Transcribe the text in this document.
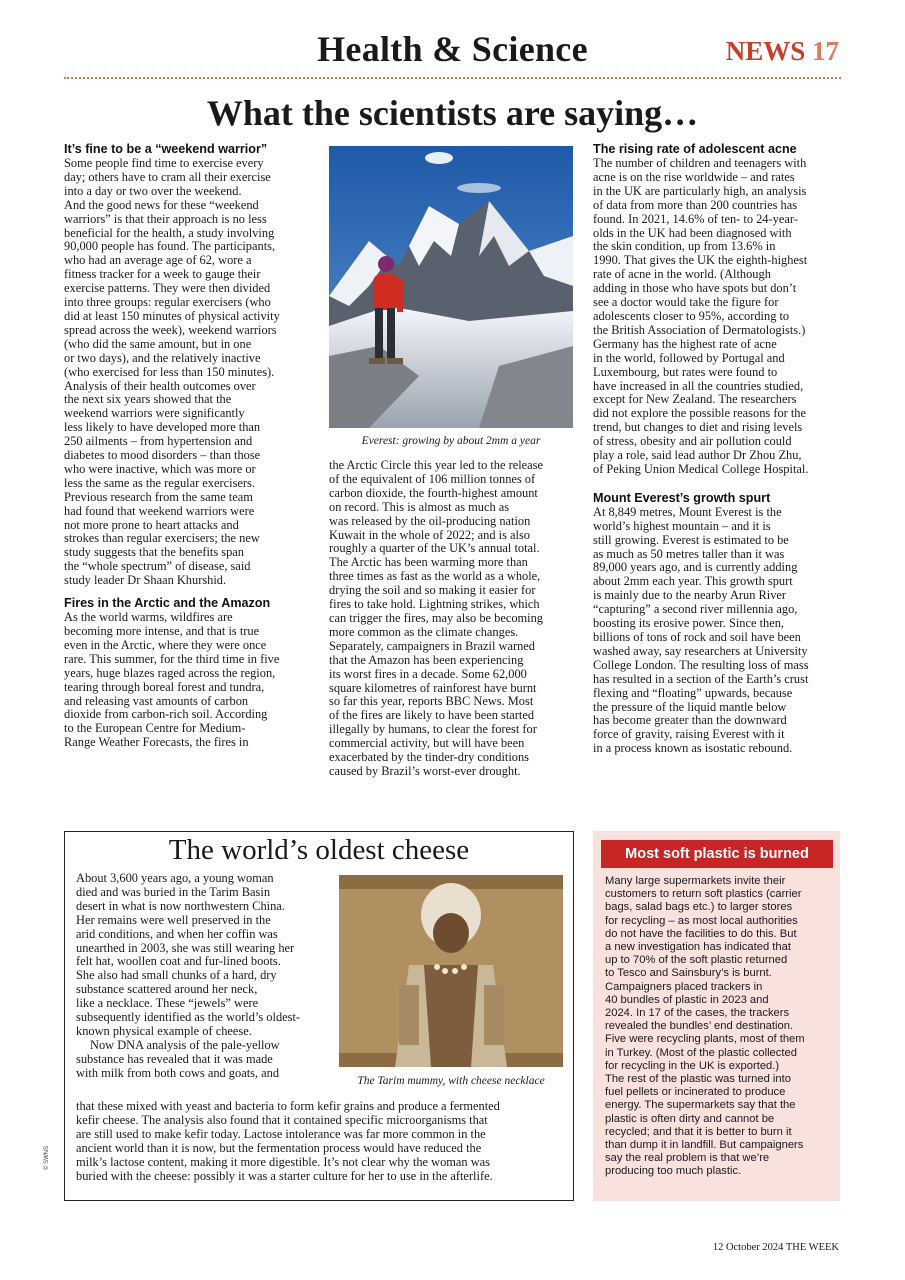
Health & Science	NEWS 17
What the scientists are saying…
It’s fine to be a “weekend warrior”
Some people find time to exercise every
day; others have to cram all their exercise
into a day or two over the weekend.
And the good news for these “weekend
warriors” is that their approach is no less
beneficial for the health, a study involving
90,000 people has found. The participants,
who had an average age of 62, wore a
fitness tracker for a week to gauge their
exercise patterns. They were then divided
into three groups: regular exercisers (who
did at least 150 minutes of physical activity
spread across the week), weekend warriors
(who did the same amount, but in one
or two days), and the relatively inactive
(who exercised for less than 150 minutes).
Analysis of their health outcomes over
the next six years showed that the
weekend warriors were significantly
less likely to have developed more than
250 ailments – from hypertension and
diabetes to mood disorders – than those
who were inactive, which was more or
less the same as the regular exercisers.
Previous research from the same team
had found that weekend warriors were
not more prone to heart attacks and
strokes than regular exercisers; the new
study suggests that the benefits span
the “whole spectrum” of disease, said
study leader Dr Shaan Khurshid.
Fires in the Arctic and the Amazon
As the world warms, wildfires are
becoming more intense, and that is true
even in the Arctic, where they were once
rare. This summer, for the third time in five
years, huge blazes raged across the region,
tearing through boreal forest and tundra,
and releasing vast amounts of carbon
dioxide from carbon-rich soil. According
to the European Centre for Medium-
Range Weather Forecasts, the fires in
Everest: growing by about 2mm a year
the Arctic Circle this year led to the release
of the equivalent of 106 million tonnes of
carbon dioxide, the fourth-highest amount
on record. This is almost as much as
was released by the oil-producing nation
Kuwait in the whole of 2022; and is also
roughly a quarter of the UK’s annual total.
The Arctic has been warming more than
three times as fast as the world as a whole,
drying the soil and so making it easier for
fires to take hold. Lightning strikes, which
can trigger the fires, may also be becoming
more common as the climate changes.
Separately, campaigners in Brazil warned
that the Amazon has been experiencing
its worst fires in a decade. Some 62,000
square kilometres of rainforest have burnt
so far this year, reports BBC News. Most
of the fires are likely to have been started
illegally by humans, to clear the forest for
commercial activity, but will have been
exacerbated by the tinder-dry conditions
caused by Brazil’s worst-ever drought.
The rising rate of adolescent acne
The number of children and teenagers with
acne is on the rise worldwide – and rates
in the UK are particularly high, an analysis
of data from more than 200 countries has
found. In 2021, 14.6% of ten- to 24-year-
olds in the UK had been diagnosed with
the skin condition, up from 13.6% in
1990. That gives the UK the eighth-highest
rate of acne in the world. (Although
adding in those who have spots but don’t
see a doctor would take the figure for
adolescents closer to 95%, according to
the British Association of Dermatologists.)
Germany has the highest rate of acne
in the world, followed by Portugal and
Luxembourg, but rates were found to
have increased in all the countries studied,
except for New Zealand. The researchers
did not explore the possible reasons for the
trend, but changes to diet and rising levels
of stress, obesity and air pollution could
play a role, said lead author Dr Zhou Zhu,
of Peking Union Medical College Hospital.
Mount Everest’s growth spurt
At 8,849 metres, Mount Everest is the
world’s highest mountain – and it is
still growing. Everest is estimated to be
as much as 50 metres taller than it was
89,000 years ago, and is currently adding
about 2mm each year. This growth spurt
is mainly due to the nearby Arun River
“capturing” a second river millennia ago,
boosting its erosive power. Since then,
billions of tons of rock and soil have been
washed away, say researchers at University
College London. The resulting loss of mass
has resulted in a section of the Earth’s crust
flexing and “floating” upwards, because
the pressure of the liquid mantle below
has become greater than the downward
force of gravity, raising Everest with it
in a process known as isostatic rebound.
The world’s oldest cheese
About 3,600 years ago, a young woman
died and was buried in the Tarim Basin
desert in what is now northwestern China.
Her remains were well preserved in the
arid conditions, and when her coffin was
unearthed in 2003, she was still wearing her
felt hat, woollen coat and fur-lined boots.
She also had small chunks of a hard, dry
substance scattered around her neck,
like a necklace. These “jewels” were
subsequently identified as the world’s oldest-
known physical example of cheese.
Now DNA analysis of the pale-yellow
substance has revealed that it was made
with milk from both cows and goats, and
The Tarim mummy, with cheese necklace
that these mixed with yeast and bacteria to form kefir grains and produce a fermented
kefir cheese. The analysis also found that it contained specific microorganisms that
are still used to make kefir today. Lactose intolerance was far more common in the
ancient world than it is now, but the fermentation process would have reduced the
milk’s lactose content, making it more digestible. It’s not clear why the woman was
buried with the cheese: possibly it was a starter culture for her to use in the afterlife.
Most soft plastic is burned
Many large supermarkets invite their
customers to return soft plastics (carrier
bags, salad bags etc.) to larger stores
for recycling – as most local authorities
do not have the facilities to do this. But
a new investigation has indicated that
up to 70% of the soft plastic returned
to Tesco and Sainsbury’s is burnt.
Campaigners placed trackers in
40 bundles of plastic in 2023 and
2024. In 17 of the cases, the trackers
revealed the bundles’ end destination.
Five were recycling plants, most of them
in Turkey. (Most of the plastic collected
for recycling in the UK is exported.)
The rest of the plastic was turned into
fuel pellets or incinerated to produce
energy. The supermarkets say that the
plastic is often dirty and cannot be
recycled; and that it is better to burn it
than dump it in landfill. But campaigners
say the real problem is that we’re
producing too much plastic.
© SWNS
12 October 2024 THE WEEK
